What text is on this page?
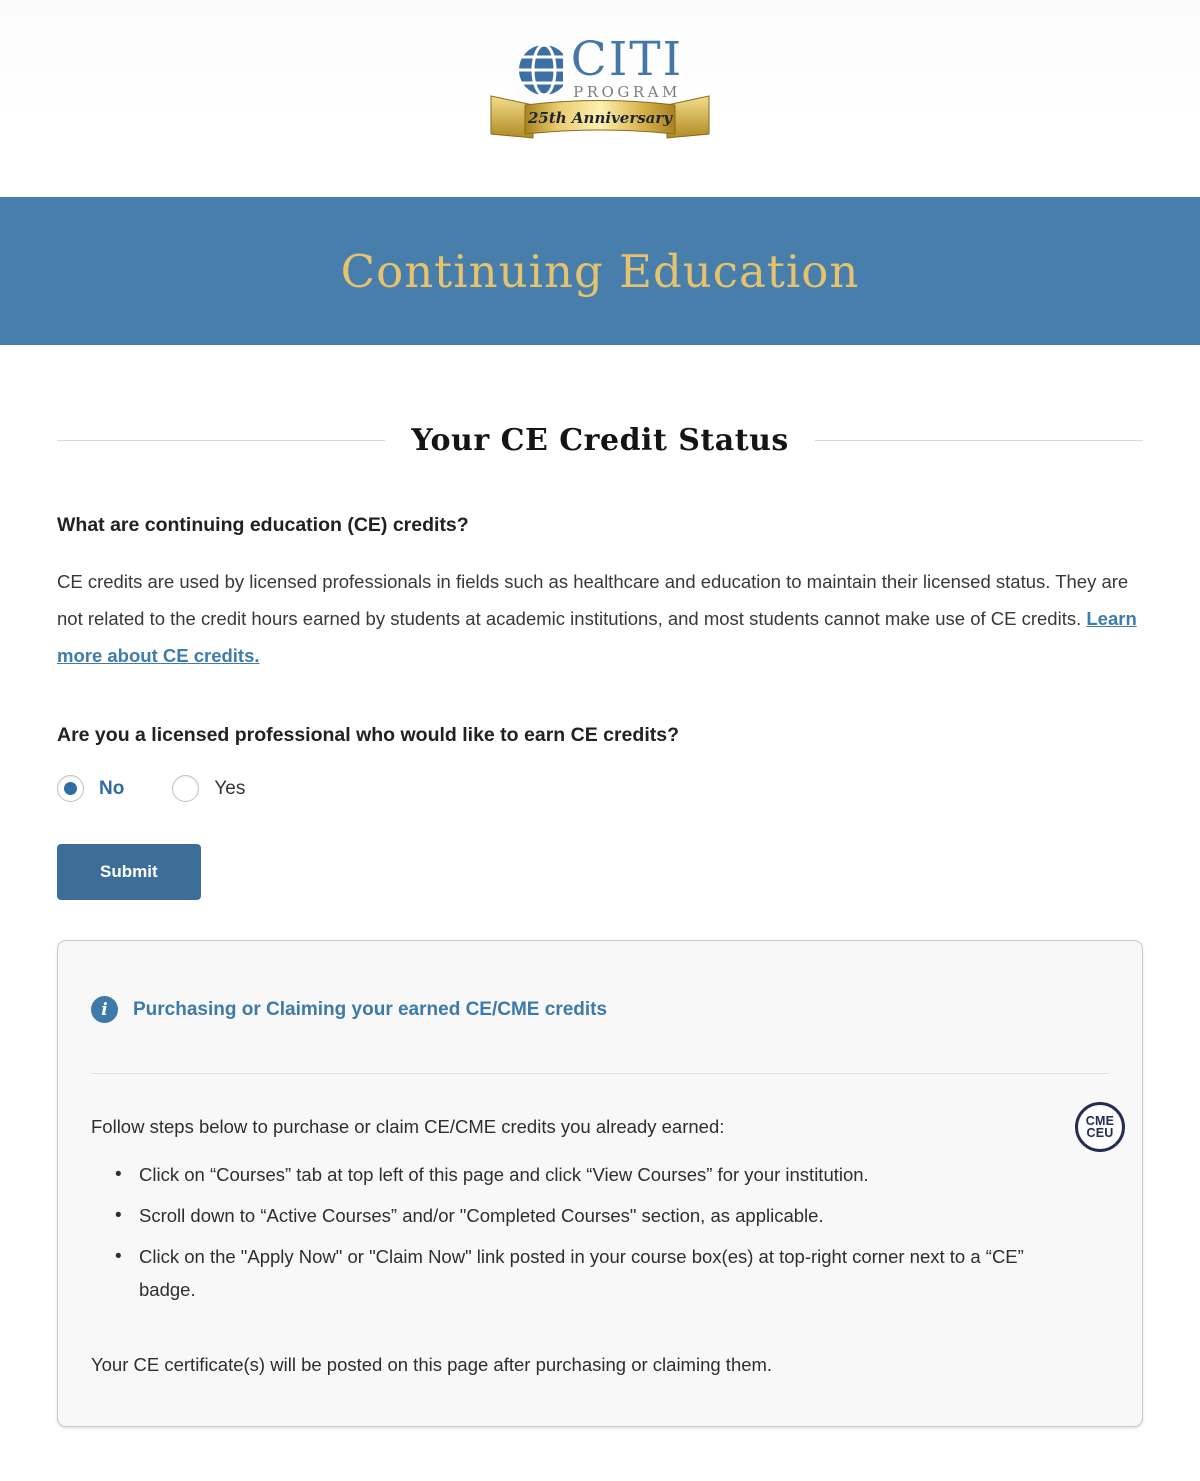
CITI
PROGRAM
25th Anniversary
Continuing Education
Your CE Credit Status
What are continuing education (CE) credits?

CE credits are used by licensed professionals in fields such as healthcare and education to maintain their licensed status. They are not related to the credit hours earned by students at academic institutions, and most students cannot make use of CE credits. Learn more about CE credits.

Are you a licensed professional who would like to earn CE credits?
No	Yes
Submit
i	Purchasing or Claiming your earned CE/CME credits
CME
CEU

Follow steps below to purchase or claim CE/CME credits you already earned:

• Click on “Courses” tab at top left of this page and click “View Courses” for your institution.
• Scroll down to “Active Courses” and/or "Completed Courses" section, as applicable.
• Click on the "Apply Now" or "Claim Now" link posted in your course box(es) at top-right corner next to a “CE” badge.

Your CE certificate(s) will be posted on this page after purchasing or claiming them.
